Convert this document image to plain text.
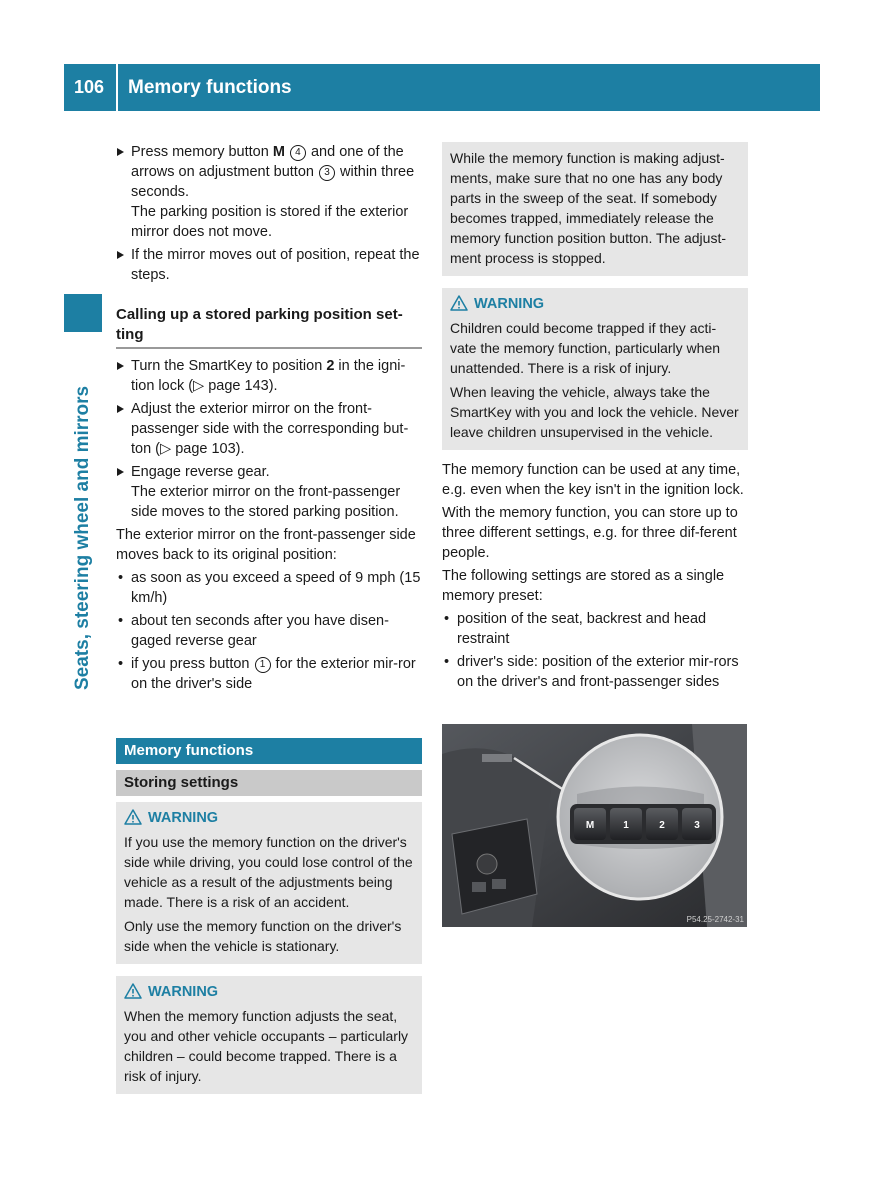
106	Memory functions
Seats, steering wheel and mirrors
Press memory button M 4 and one of the arrows on adjustment button 3 within three seconds.
The parking position is stored if the exterior mirror does not move.
If the mirror moves out of position, repeat the steps.
Calling up a stored parking position set-ting
Turn the SmartKey to position 2 in the igni-tion lock (▷ page 143).
Adjust the exterior mirror on the front-passenger side with the corresponding but-ton (▷ page 103).
Engage reverse gear.
The exterior mirror on the front-passenger side moves to the stored parking position.

The exterior mirror on the front-passenger side moves back to its original position:

• as soon as you exceed a speed of 9 mph (15 km/h)
• about ten seconds after you have disen-gaged reverse gear
• if you press button 1 for the exterior mir-ror on the driver's side
Memory functions
Storing settings
WARNING

If you use the memory function on the driver's side while driving, you could lose control of the vehicle as a result of the adjustments being made. There is a risk of an accident.

Only use the memory function on the driver's side when the vehicle is stationary.

WARNING

When the memory function adjusts the seat, you and other vehicle occupants – particularly children – could become trapped. There is a risk of injury.

While the memory function is making adjust-ments, make sure that no one has any body parts in the sweep of the seat. If somebody becomes trapped, immediately release the memory function position button. The adjust-ment process is stopped.

WARNING

Children could become trapped if they acti-vate the memory function, particularly when unattended. There is a risk of injury.

When leaving the vehicle, always take the SmartKey with you and lock the vehicle. Never leave children unsupervised in the vehicle.

The memory function can be used at any time, e.g. even when the key isn't in the ignition lock.

With the memory function, you can store up to three different settings, e.g. for three dif-ferent people.

The following settings are stored as a single memory preset:

• position of the seat, backrest and head restraint
• driver's side: position of the exterior mir-rors on the driver's and front-passenger sides
M	1	2	3
P54.25-2742-31
